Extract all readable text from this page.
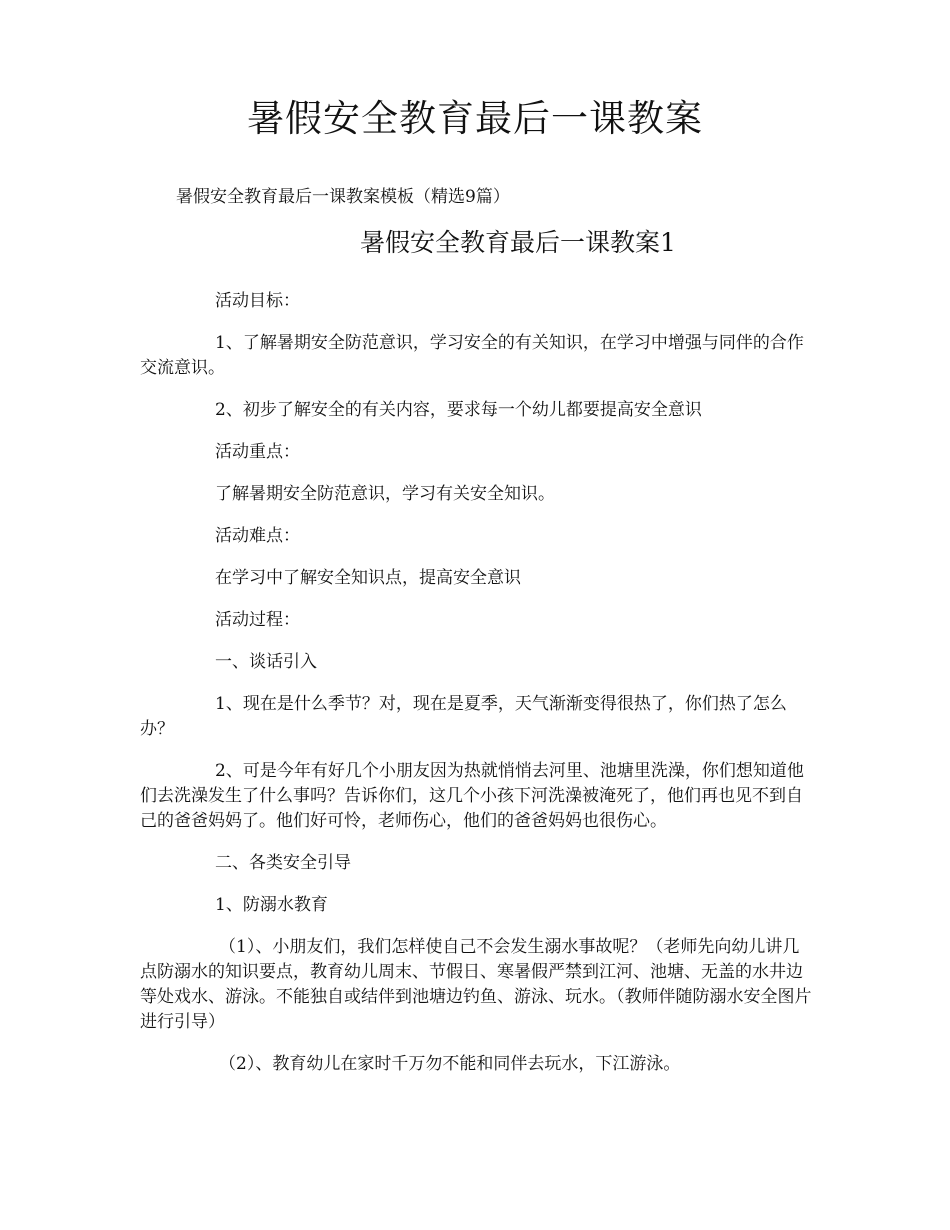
暑假安全教育最后一课教案

暑假安全教育最后一课教案模板（精选9篇）

暑假安全教育最后一课教案1

活动目标：

1、了解暑期安全防范意识，学习安全的有关知识，在学习中增强与同伴的合作交流意识。

2、初步了解安全的有关内容，要求每一个幼儿都要提高安全意识

活动重点：

了解暑期安全防范意识，学习有关安全知识。

活动难点：

在学习中了解安全知识点，提高安全意识

活动过程：

一、谈话引入

1、现在是什么季节？对，现在是夏季，天气渐渐变得很热了，你们热了怎么办？

2、可是今年有好几个小朋友因为热就悄悄去河里、池塘里洗澡，你们想知道他们去洗澡发生了什么事吗？告诉你们，这几个小孩下河洗澡被淹死了，他们再也见不到自己的爸爸妈妈了。他们好可怜，老师伤心，他们的爸爸妈妈也很伤心。

二、各类安全引导

1、防溺水教育

（1）、小朋友们，我们怎样使自己不会发生溺水事故呢？（老师先向幼儿讲几点防溺水的知识要点，教育幼儿周末、节假日、寒暑假严禁到江河、池塘、无盖的水井边等处戏水、游泳。不能独自或结伴到池塘边钓鱼、游泳、玩水。（教师伴随防溺水安全图片进行引导）

（2）、教育幼儿在家时千万勿不能和同伴去玩水，下江游泳。
